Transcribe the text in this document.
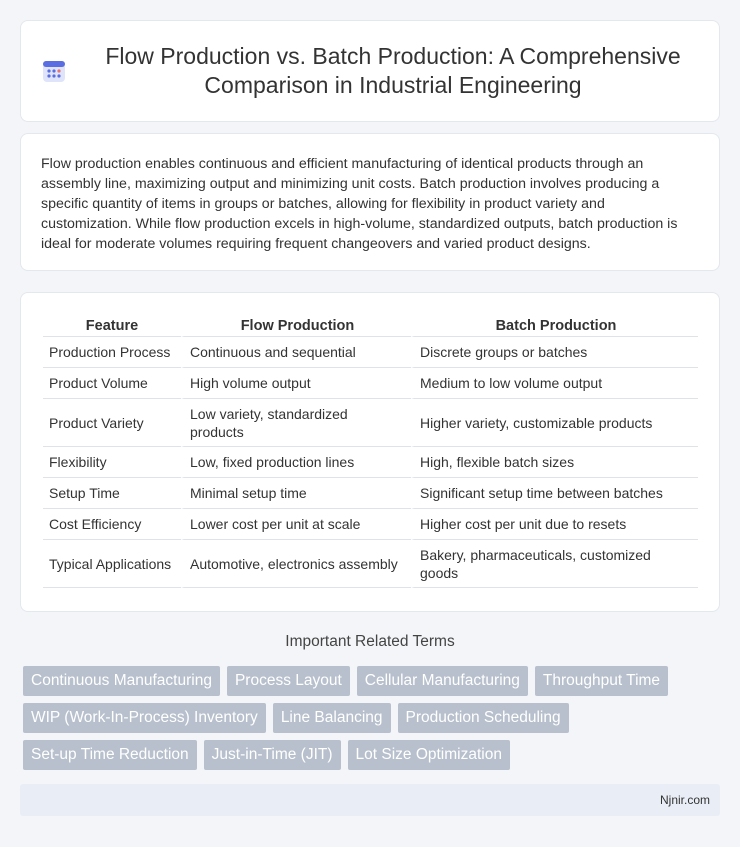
Flow Production vs. Batch Production: A Comprehensive Comparison in Industrial Engineering

Flow production enables continuous and efficient manufacturing of identical products through an assembly line, maximizing output and minimizing unit costs. Batch production involves producing a specific quantity of items in groups or batches, allowing for flexibility in product variety and customization. While flow production excels in high-volume, standardized outputs, batch production is ideal for moderate volumes requiring frequent changeovers and varied product designs.

Feature	Flow Production	Batch Production
Production Process	Continuous and sequential	Discrete groups or batches
Product Volume	High volume output	Medium to low volume output
Product Variety	Low variety, standardized products	Higher variety, customizable products
Flexibility	Low, fixed production lines	High, flexible batch sizes
Setup Time	Minimal setup time	Significant setup time between batches
Cost Efficiency	Lower cost per unit at scale	Higher cost per unit due to resets
Typical Applications	Automotive, electronics assembly	Bakery, pharmaceuticals, customized goods
Important Related Terms
Continuous Manufacturing	Process Layout	Cellular Manufacturing	Throughput Time
WIP (Work-In-Process) Inventory	Line Balancing	Production Scheduling
Set-up Time Reduction	Just-in-Time (JIT)	Lot Size Optimization
Njnir.com
